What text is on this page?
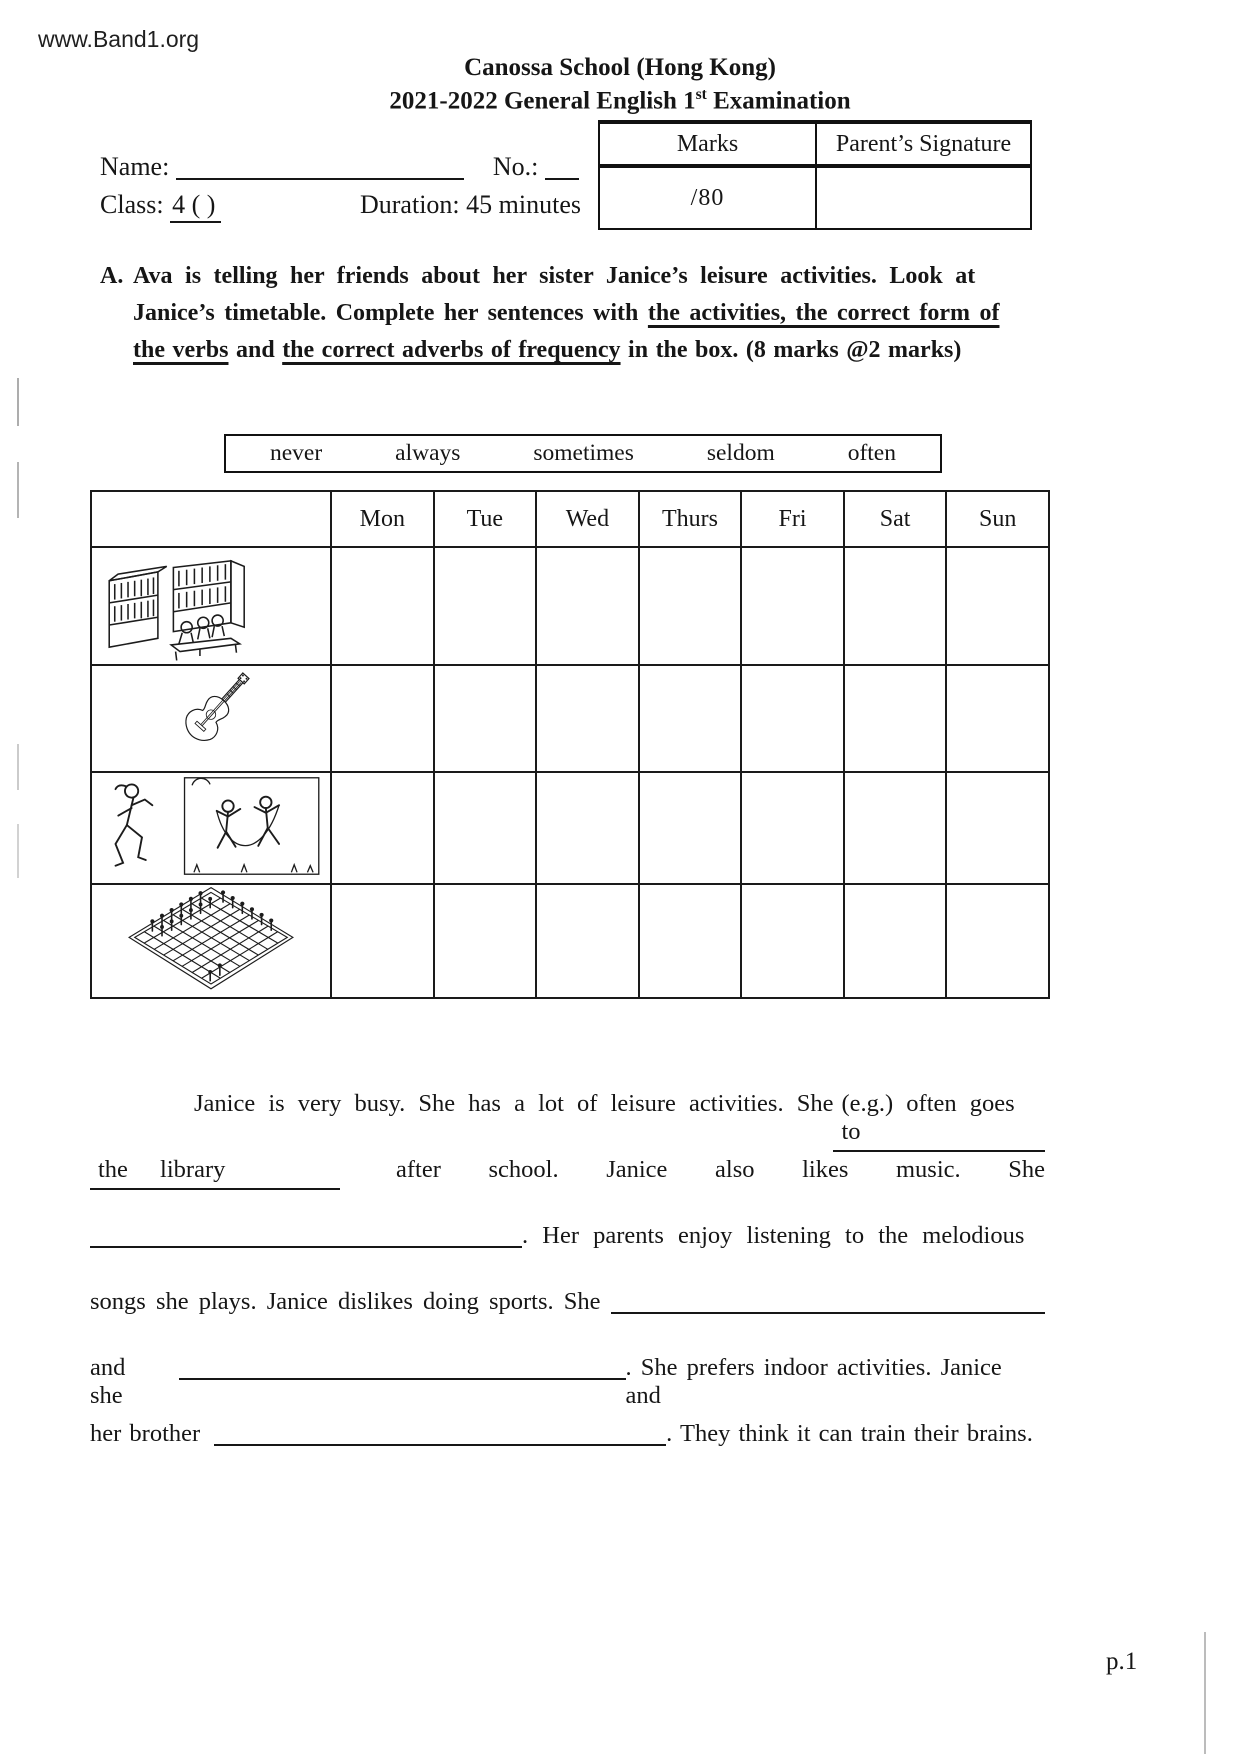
www.Band1.org
Canossa School (Hong Kong)
2021-2022 General English 1st Examination
Marks	Parent’s Signature
/80
Name:	No.:
Class: 4 ( )	Duration: 45 minutes
A. Ava is telling her friends about her sister Janice’s leisure activities. Look at
Janice’s timetable. Complete her sentences with the activities, the correct form of
the verbs and the correct adverbs of frequency in the box. (8 marks @2 marks)
never	always	sometimes	seldom	often
	Mon	Tue	Wed	Thurs	Fri	Sat	Sun

Janice is very busy. She has a lot of leisure activities. She (e.g.) often goes to
the library	after school. Janice also likes music. She
. Her parents enjoy listening to the melodious
songs she plays. Janice dislikes doing sports. She
and she
. She prefers indoor activities. Janice and
her brother	. They think it can train their brains.
p.1
